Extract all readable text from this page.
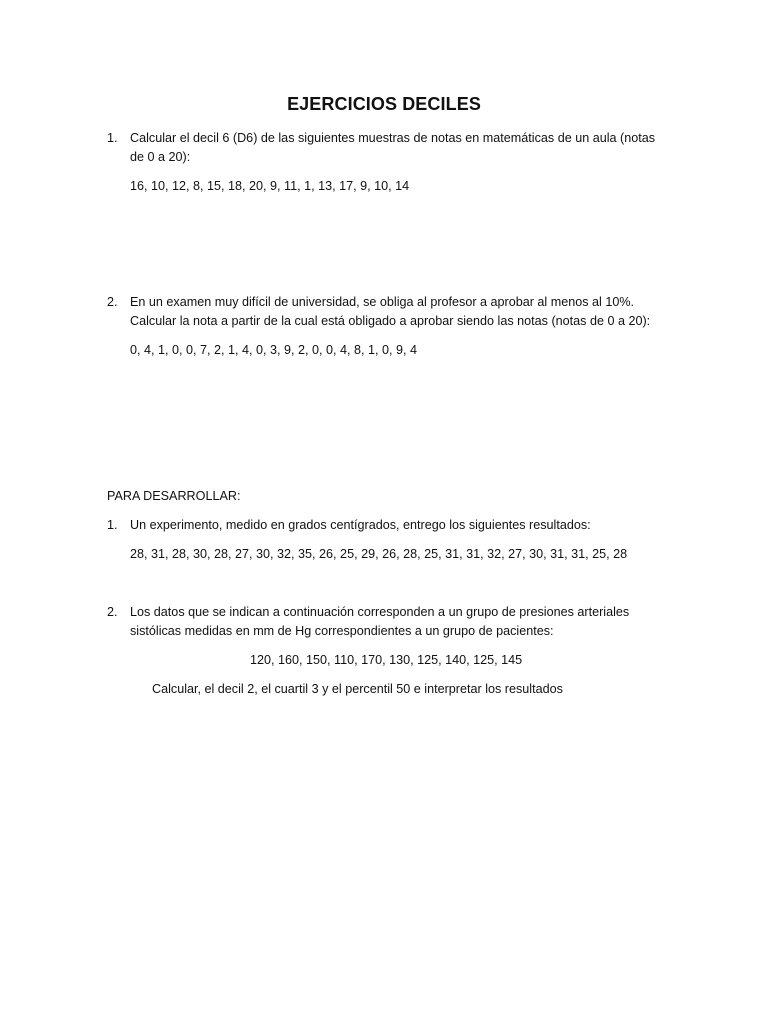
EJERCICIOS DECILES
1. Calcular el decil 6 (D6) de las siguientes muestras de notas en matemáticas de un aula (notas
de 0 a 20):
16, 10, 12, 8, 15, 18, 20, 9, 11, 1, 13, 17, 9, 10, 14
2. En un examen muy difícil de universidad, se obliga al profesor a aprobar al menos al 10%.
Calcular la nota a partir de la cual está obligado a aprobar siendo las notas (notas de 0 a 20):
0, 4, 1, 0, 0, 7, 2, 1, 4, 0, 3, 9, 2, 0, 0, 4, 8, 1, 0, 9, 4
PARA DESARROLLAR:
1. Un experimento, medido en grados centígrados, entrego los siguientes resultados:
28, 31, 28, 30, 28, 27, 30, 32, 35, 26, 25, 29, 26, 28, 25, 31, 31, 32, 27, 30, 31, 31, 25, 28
2. Los datos que se indican a continuación corresponden a un grupo de presiones arteriales
sistólicas medidas en mm de Hg correspondientes a un grupo de pacientes:
120, 160, 150, 110, 170, 130, 125, 140, 125, 145
Calcular, el decil 2, el cuartil 3 y el percentil 50 e interpretar los resultados
